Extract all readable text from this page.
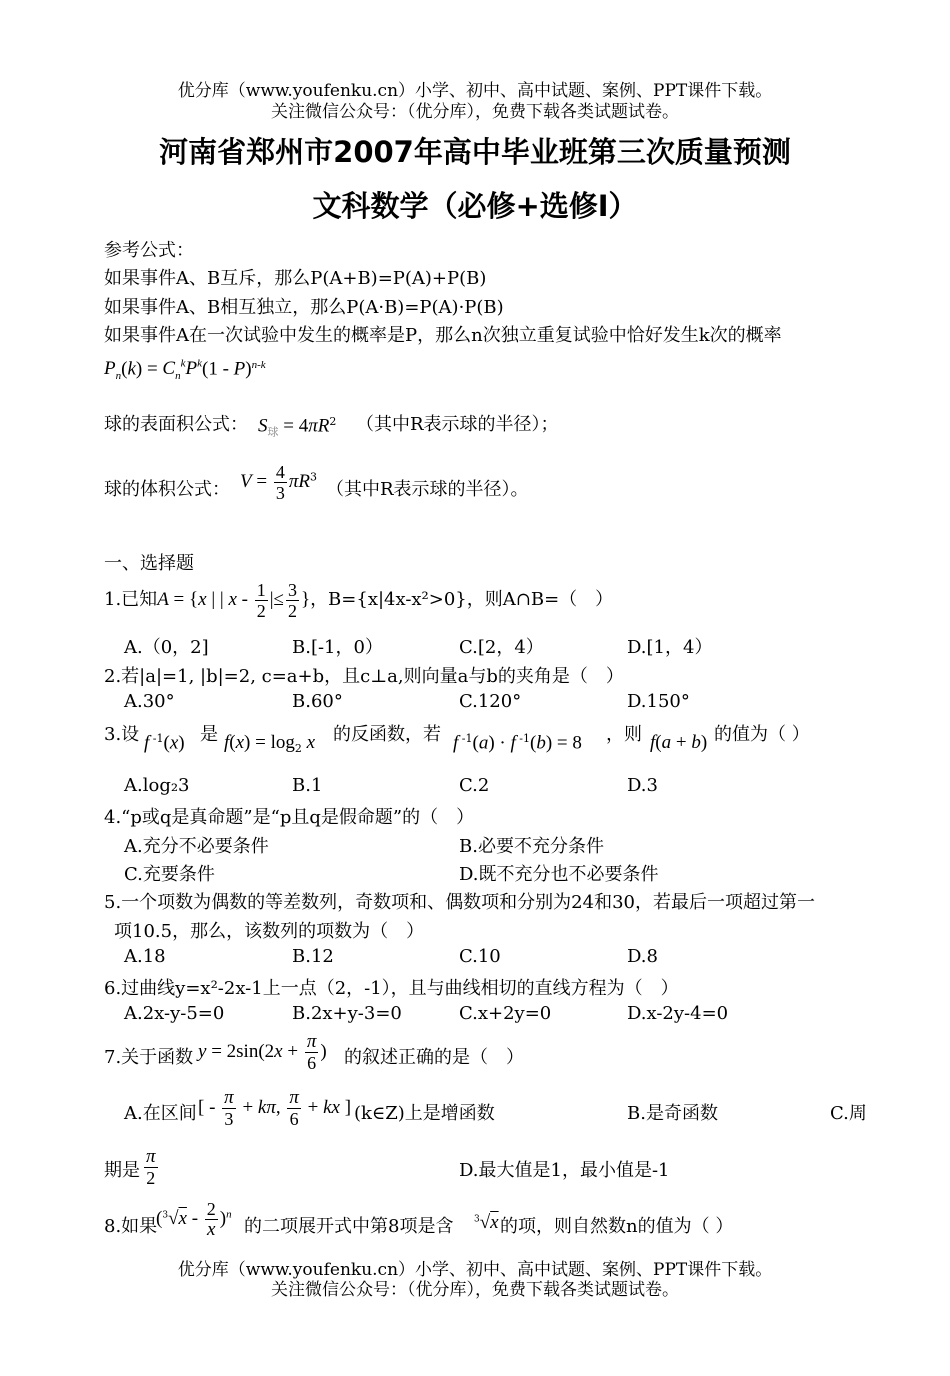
优分库（www.youfenku.cn）小学、初中、高中试题、案例、PPT课件下载。
关注微信公众号：（优分库），免费下载各类试题试卷。
河南省郑州市2007年高中毕业班第三次质量预测
文科数学（必修+选修Ⅰ）
参考公式：
如果事件A、B互斥，那么P(A+B)=P(A)+P(B)
如果事件A、B相互独立，那么P(A·B)=P(A)·P(B)
如果事件A在一次试验中发生的概率是P，那么n次独立重复试验中恰好发生k次的概率
$P_n(k) = C_n^kP^k(1 - P)^{n-k}$
球的表面积公式： $S_球 = 4\pi R^2$ （其中R表示球的半径）；
球的体积公式： $V = \frac{4}{3} \pi R^3$
（其中R表示球的半径）。
一、选择题
1.已知A = {x | | x - $\frac{1}{2}$ |≤ $\frac{3}{2}$ }，B={x|4x-x²>0}，则A∩B=（　）
A.（0，2]	B.[-1，0）	C.[2，4）	D.[1，4）
2.若|a|=1, |b|=2, c=a+b，且c⊥a,则向量a与b的夹角是（　）
A.30°	B.60°	C.120°	D.150°
3.设 f $^{-1}$(x) 是 $f(x) = \log_2 x$ 的反函数，若 f $^{-1}$(a) · f $^{-1}$(b) = 8 ，则 f(a + b) 的值为（ ）
A.log₂3	B.1	C.2	D.3
4.“p或q是真命题”是“p且q是假命题”的（　）
A.充分不必要条件	B.必要不充分条件
C.充要条件	D.既不充分也不必要条件
5.一个项数为偶数的等差数列，奇数项和、偶数项和分别为24和30，若最后一项超过第一
项10.5，那么，该数列的项数为（　）
A.18	B.12	C.10	D.8
6.过曲线y=x²-2x-1上一点（2，-1），且与曲线相切的直线方程为（　）
A.2x-y-5=0	B.2x+y-3=0	C.x+2y=0	D.x-2y-4=0
7.关于函数 $y = 2\sin(2x + \frac{\pi}{6}$ ) 的叙述正确的是（　）
A.在区间 [ - $\frac{\pi}{3} + k\pi$, $\frac{\pi}{6}$ + kx ] (k∈Z)上是增函数	B.是奇函数	C.周
期是 $\frac{\pi}{2}$	D.最大值是1，最小值是-1
8.如果
$(^3√x - \frac{2}{x} )^n$
的二项展开式中第8项是含 $^3$√x 的项，则自然数n的值为（ ）
优分库（www.youfenku.cn）小学、初中、高中试题、案例、PPT课件下载。
关注微信公众号：（优分库），免费下载各类试题试卷。
